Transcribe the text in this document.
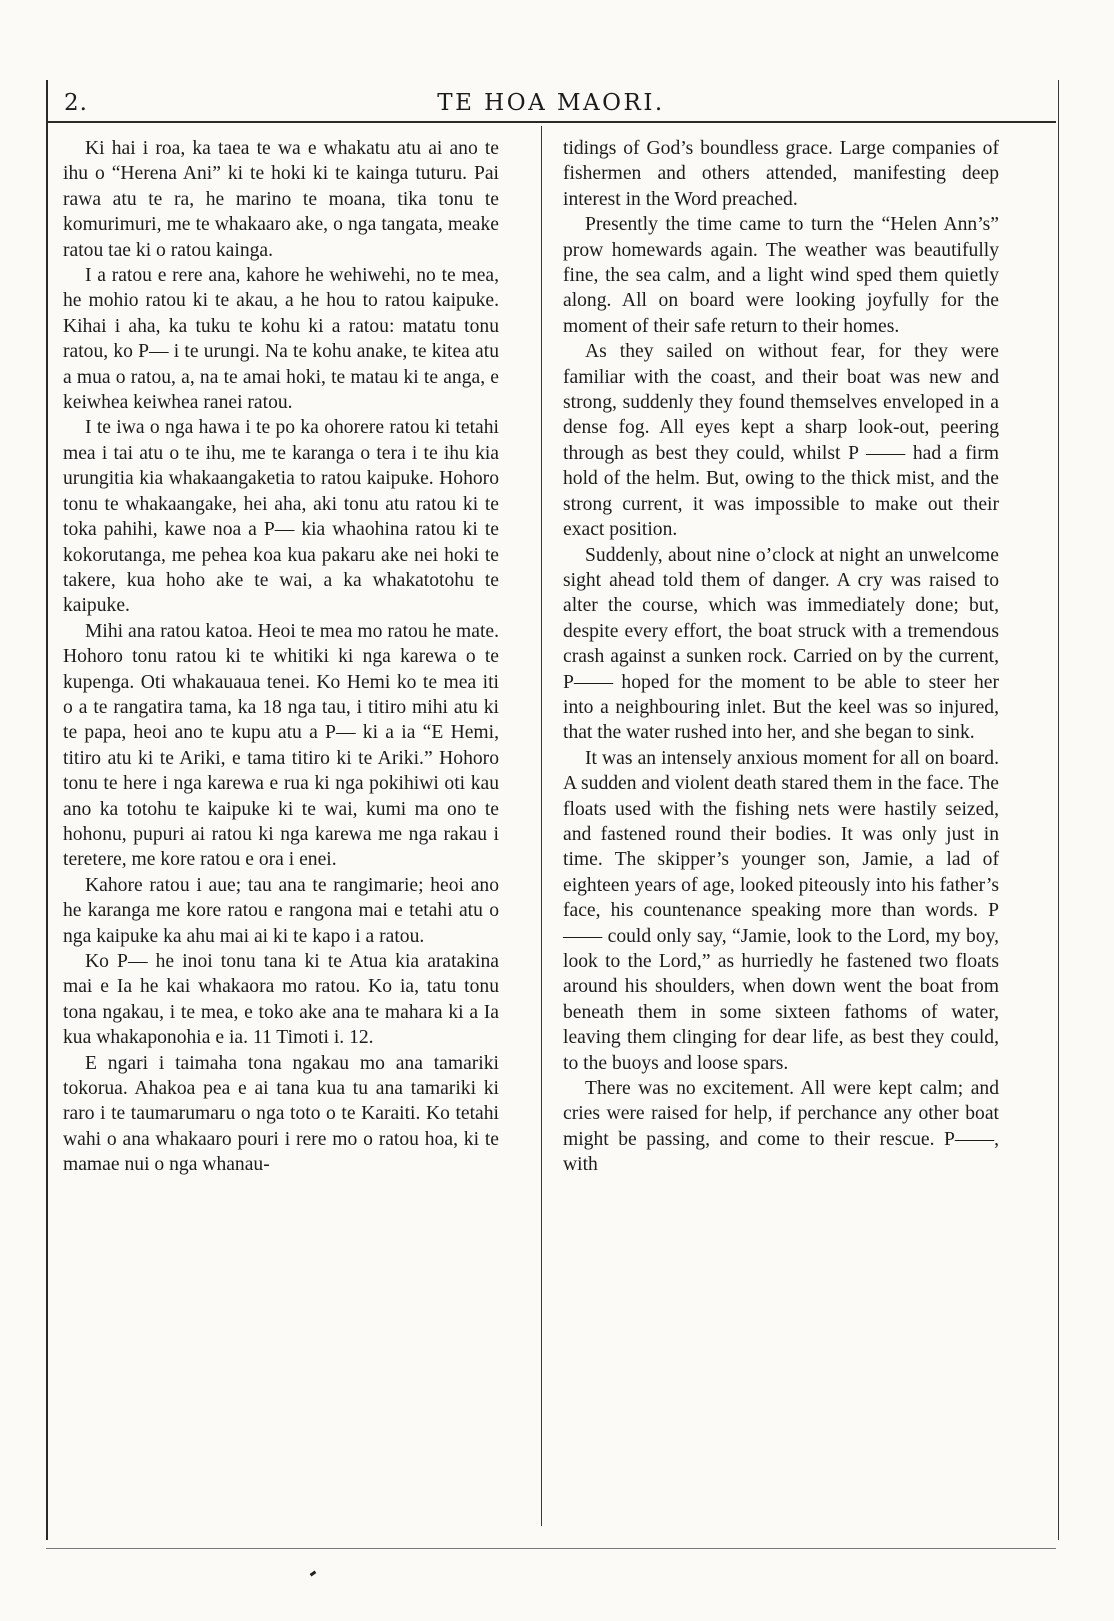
2.	TE HOA MAORI.

Ki hai i roa, ka taea te wa e whakatu atu ai ano te ihu o “Herena Ani” ki te hoki ki te kainga tuturu. Pai rawa atu te ra, he marino te moana, tika tonu te komurimuri, me te whakaaro ake, o nga tangata, meake ratou tae ki o ratou kainga.

I a ratou e rere ana, kahore he wehiwehi, no te mea, he mohio ratou ki te akau, a he hou to ratou kaipuke. Kihai i aha, ka tuku te kohu ki a ratou: matatu tonu ratou, ko P— i te urungi. Na te kohu anake, te kitea atu a mua o ratou, a, na te amai hoki, te matau ki te anga, e keiwhea keiwhea ranei ratou.

I te iwa o nga hawa i te po ka ohorere ratou ki tetahi mea i tai atu o te ihu, me te karanga o tera i te ihu kia urungitia kia whakaangaketia to ratou kaipuke. Hohoro tonu te whakaangake, hei aha, aki tonu atu ratou ki te toka pahihi, kawe noa a P— kia whaohina ratou ki te kokorutanga, me pehea koa kua pakaru ake nei hoki te takere, kua hoho ake te wai, a ka whakatotohu te kaipuke.

Mihi ana ratou katoa. Heoi te mea mo ratou he mate. Hohoro tonu ratou ki te whitiki ki nga karewa o te kupenga. Oti whakauaua tenei. Ko Hemi ko te mea iti o a te rangatira tama, ka 18 nga tau, i titiro mihi atu ki te papa, heoi ano te kupu atu a P— ki a ia “E Hemi, titiro atu ki te Ariki, e tama titiro ki te Ariki.” Hohoro tonu te here i nga karewa e rua ki nga pokihiwi oti kau ano ka totohu te kaipuke ki te wai, kumi ma ono te hohonu, pupuri ai ratou ki nga karewa me nga rakau i teretere, me kore ratou e ora i enei.

Kahore ratou i aue; tau ana te rangimarie; heoi ano he karanga me kore ratou e rangona mai e tetahi atu o nga kaipuke ka ahu mai ai ki te kapo i a ratou.

Ko P— he inoi tonu tana ki te Atua kia aratakina mai e Ia he kai whakaora mo ratou. Ko ia, tatu tonu tona ngakau, i te mea, e toko ake ana te mahara ki a Ia kua whakaponohia e ia. 11 Timoti i. 12.

E ngari i taimaha tona ngakau mo ana tamariki tokorua. Ahakoa pea e ai tana kua tu ana tamariki ki raro i te taumarumaru o nga toto o te Karaiti. Ko tetahi wahi o ana whakaaro pouri i rere mo o ratou hoa, ki te mamae nui o nga whanau-

tidings of God’s boundless grace. Large companies of fishermen and others attended, manifesting deep interest in the Word preached.

Presently the time came to turn the “Helen Ann’s” prow homewards again. The weather was beautifully fine, the sea calm, and a light wind sped them quietly along. All on board were looking joyfully for the moment of their safe return to their homes.

As they sailed on without fear, for they were familiar with the coast, and their boat was new and strong, suddenly they found themselves enveloped in a dense fog. All eyes kept a sharp look-out, peering through as best they could, whilst P —— had a firm hold of the helm. But, owing to the thick mist, and the strong current, it was impossible to make out their exact position.

Suddenly, about nine o’clock at night an unwelcome sight ahead told them of danger. A cry was raised to alter the course, which was immediately done; but, despite every effort, the boat struck with a tremendous crash against a sunken rock. Carried on by the current, P—— hoped for the moment to be able to steer her into a neighbouring inlet. But the keel was so injured, that the water rushed into her, and she began to sink.

It was an intensely anxious moment for all on board. A sudden and violent death stared them in the face. The floats used with the fishing nets were hastily seized, and fastened round their bodies. It was only just in time. The skipper’s younger son, Jamie, a lad of eighteen years of age, looked piteously into his father’s face, his countenance speaking more than words. P —— could only say, “Jamie, look to the Lord, my boy, look to the Lord,” as hurriedly he fastened two floats around his shoulders, when down went the boat from beneath them in some sixteen fathoms of water, leaving them clinging for dear life, as best they could, to the buoys and loose spars.

There was no excitement. All were kept calm; and cries were raised for help, if perchance any other boat might be passing, and come to their rescue. P——, with
